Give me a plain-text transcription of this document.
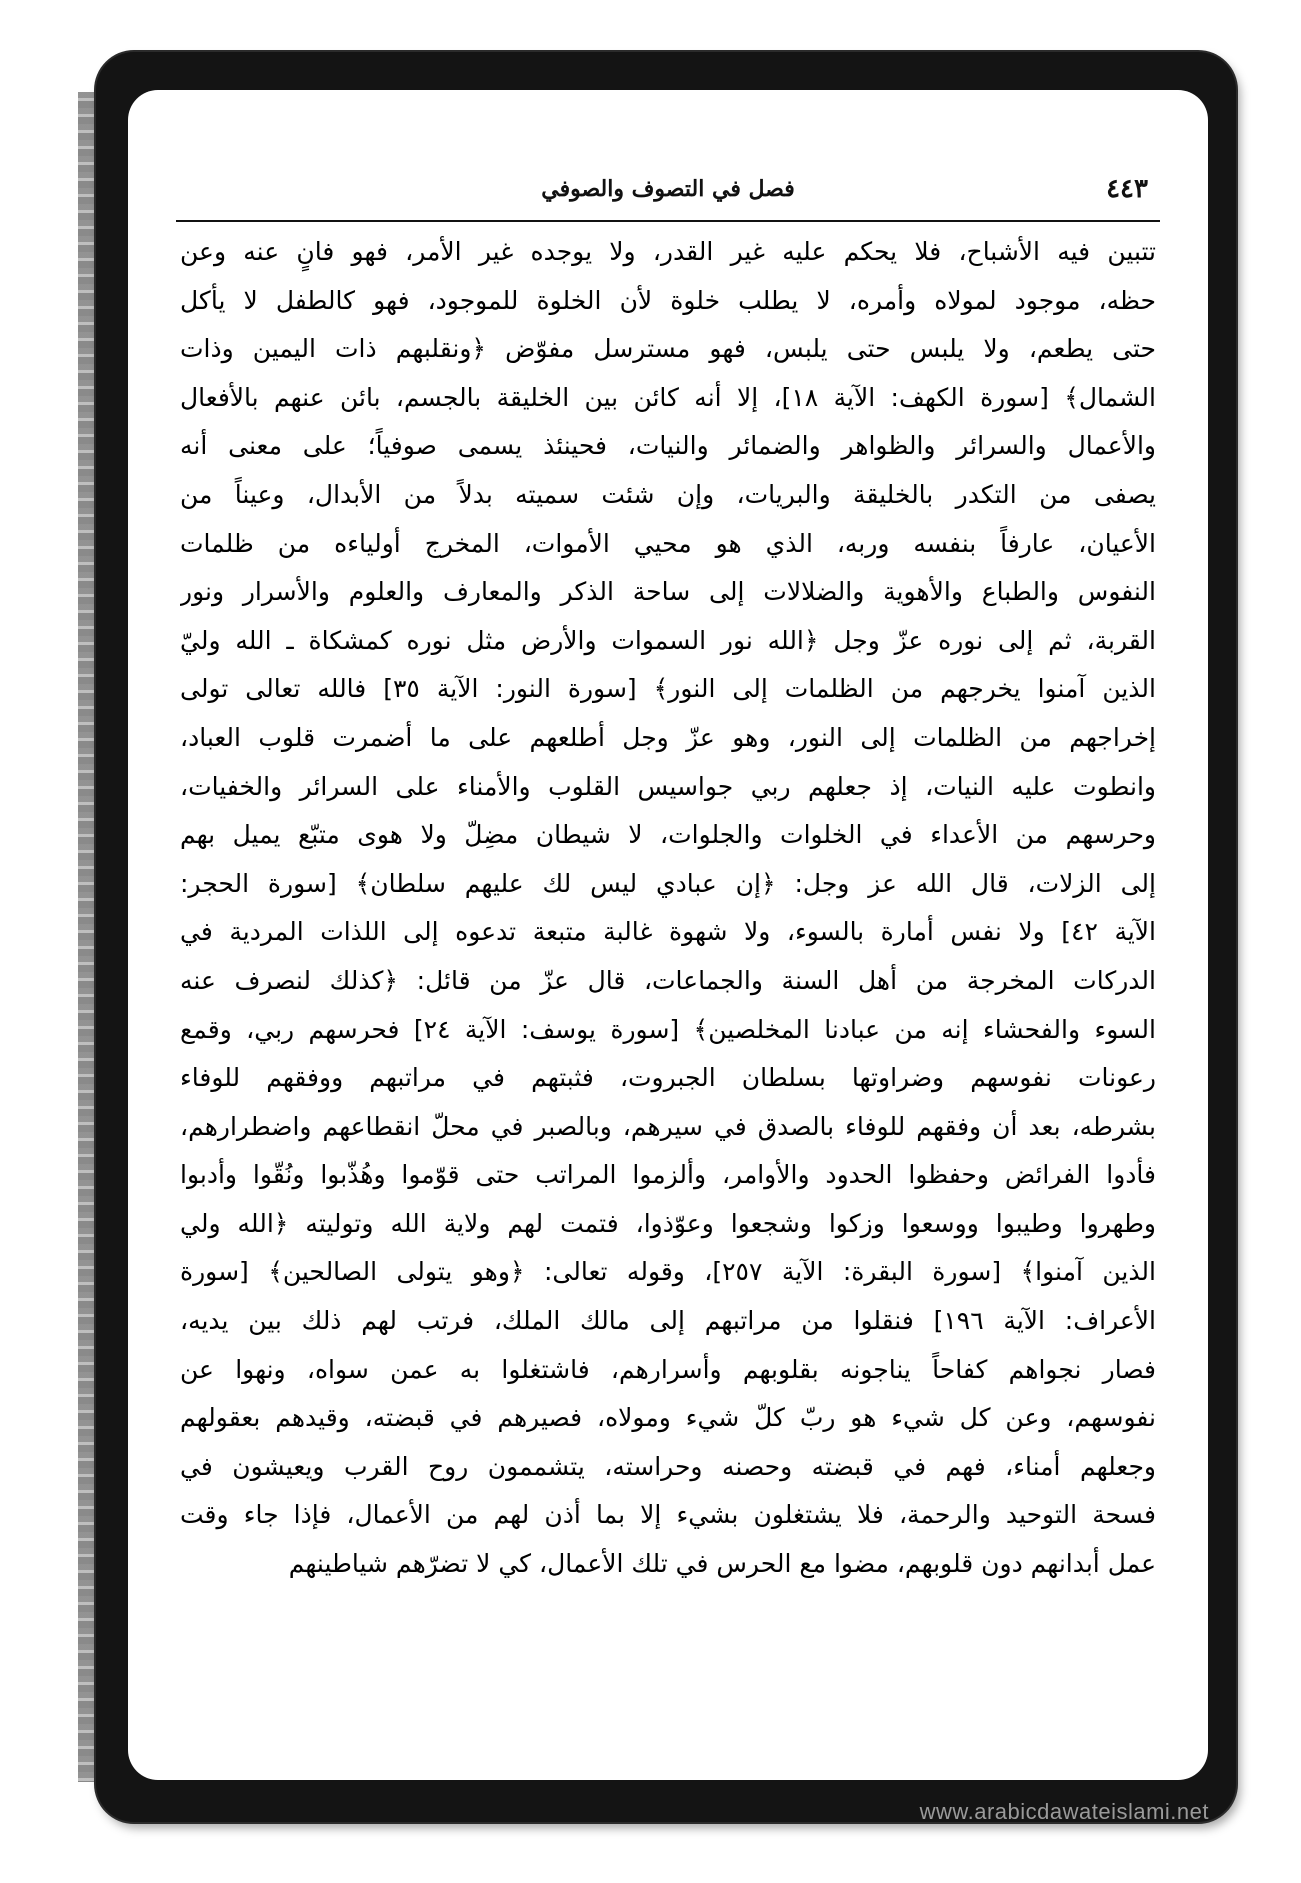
فصل في التصوف والصوفي	٤٤٣
تتبين فيه الأشباح، فلا يحكم عليه غير القدر، ولا يوجده غير الأمر، فهو فانٍ عنه وعن
حظه، موجود لمولاه وأمره، لا يطلب خلوة لأن الخلوة للموجود، فهو كالطفل لا يأكل
حتى يطعم، ولا يلبس حتى يلبس، فهو مسترسل مفوّض ﴿ونقلبهم ذات اليمين وذات
الشمال﴾ [سورة الكهف: الآية ١٨]، إلا أنه كائن بين الخليقة بالجسم، بائن عنهم بالأفعال
والأعمال والسرائر والظواهر والضمائر والنيات، فحينئذ يسمى صوفياً؛ على معنى أنه
يصفى من التكدر بالخليقة والبريات، وإن شئت سميته بدلاً من الأبدال، وعيناً من
الأعيان، عارفاً بنفسه وربه، الذي هو محيي الأموات، المخرج أولياءه من ظلمات
النفوس والطباع والأهوية والضلالات إلى ساحة الذكر والمعارف والعلوم والأسرار ونور
القربة، ثم إلى نوره عزّ وجل ﴿الله نور السموات والأرض مثل نوره كمشكاة ـ الله وليّ
الذين آمنوا يخرجهم من الظلمات إلى النور﴾ [سورة النور: الآية ٣٥] فالله تعالى تولى
إخراجهم من الظلمات إلى النور، وهو عزّ وجل أطلعهم على ما أضمرت قلوب العباد،
وانطوت عليه النيات، إذ جعلهم ربي جواسيس القلوب والأمناء على السرائر والخفيات،
وحرسهم من الأعداء في الخلوات والجلوات، لا شيطان مضِلّ ولا هوى متبّع يميل بهم
إلى الزلات، قال الله عز وجل: ﴿إن عبادي ليس لك عليهم سلطان﴾ [سورة الحجر:
الآية ٤٢] ولا نفس أمارة بالسوء، ولا شهوة غالبة متبعة تدعوه إلى اللذات المردية في
الدركات المخرجة من أهل السنة والجماعات، قال عزّ من قائل: ﴿كذلك لنصرف عنه
السوء والفحشاء إنه من عبادنا المخلصين﴾ [سورة يوسف: الآية ٢٤] فحرسهم ربي، وقمع
رعونات نفوسهم وضراوتها بسلطان الجبروت، فثبتهم في مراتبهم ووفقهم للوفاء
بشرطه، بعد أن وفقهم للوفاء بالصدق في سيرهم، وبالصبر في محلّ انقطاعهم واضطرارهم،
فأدوا الفرائض وحفظوا الحدود والأوامر، وألزموا المراتب حتى قوّموا وهُذّبوا ونُقّوا وأدبوا
وطهروا وطيبوا ووسعوا وزكوا وشجعوا وعوّذوا، فتمت لهم ولاية الله وتوليته ﴿الله ولي
الذين آمنوا﴾ [سورة البقرة: الآية ٢٥٧]، وقوله تعالى: ﴿وهو يتولى الصالحين﴾ [سورة
الأعراف: الآية ١٩٦] فنقلوا من مراتبهم إلى مالك الملك، فرتب لهم ذلك بين يديه،
فصار نجواهم كفاحاً يناجونه بقلوبهم وأسرارهم، فاشتغلوا به عمن سواه، ونهوا عن
نفوسهم، وعن كل شيء هو ربّ كلّ شيء ومولاه، فصيرهم في قبضته، وقيدهم بعقولهم
وجعلهم أمناء، فهم في قبضته وحصنه وحراسته، يتشممون روح القرب ويعيشون في
فسحة التوحيد والرحمة، فلا يشتغلون بشيء إلا بما أذن لهم من الأعمال، فإذا جاء وقت
عمل أبدانهم دون قلوبهم، مضوا مع الحرس في تلك الأعمال، كي لا تضرّهم شياطينهم
www.arabicdawateislami.net
